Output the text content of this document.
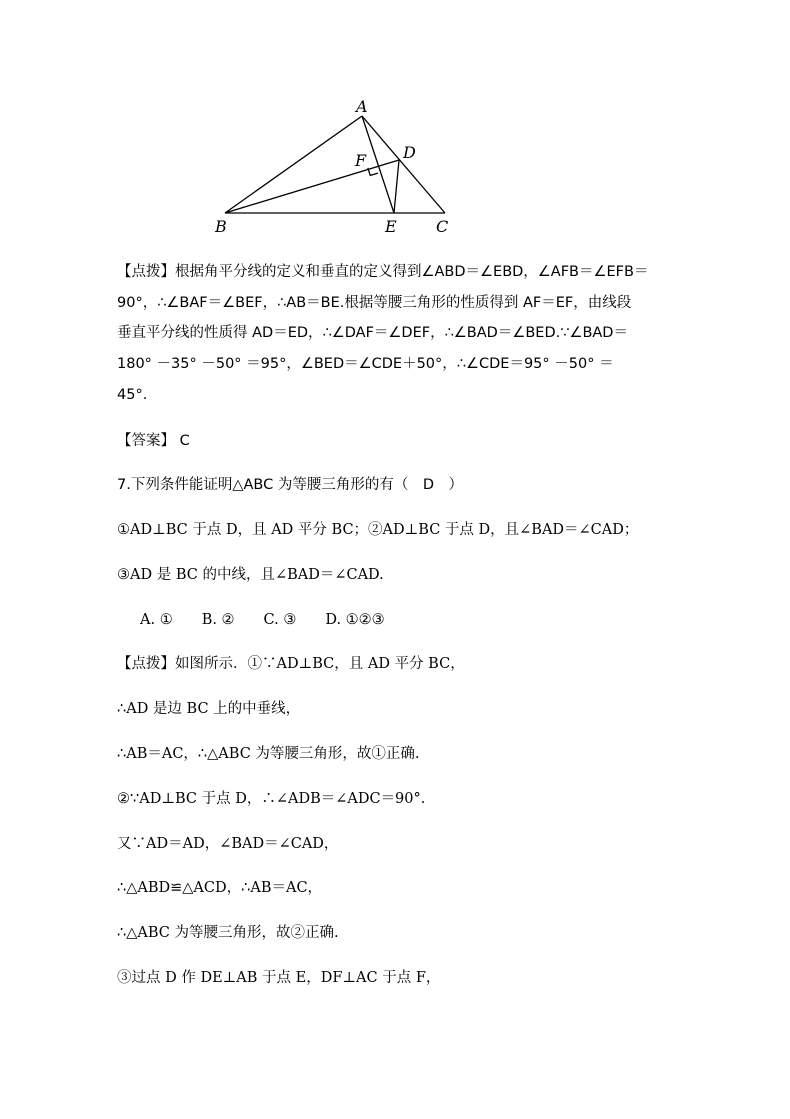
A
F D
B	E C
【点拨】根据角平分线的定义和垂直的定义得到∠ABD＝∠EBD，∠AFB＝∠EFB＝
90°，∴∠BAF＝∠BEF，∴AB＝BE.根据等腰三角形的性质得到 AF＝EF，由线段
垂直平分线的性质得 AD＝ED，∴∠DAF＝∠DEF，∴∠BAD＝∠BED.∵∠BAD＝
180° －35° －50° ＝95°，∠BED＝∠CDE＋50°，∴∠CDE＝95° －50° ＝
45°.
【答案】 C
7.下列条件能证明△ABC 为等腰三角形的有（　D　）
①AD⊥BC 于点 D，且 AD 平分 BC；②AD⊥BC 于点 D，且∠BAD＝∠CAD；
③AD 是 BC 的中线，且∠BAD＝∠CAD.
A. ①　　B. ②　　C. ③　　D. ①②③
【点拨】如图所示．①∵AD⊥BC，且 AD 平分 BC，
∴AD 是边 BC 上的中垂线，
∴AB＝AC，∴△ABC 为等腰三角形，故①正确.
②∵AD⊥BC 于点 D，∴∠ADB＝∠ADC＝90°.
又∵AD＝AD，∠BAD＝∠CAD，
∴△ABD≌△ACD，∴AB＝AC，
∴△ABC 为等腰三角形，故②正确.
③过点 D 作 DE⊥AB 于点 E，DF⊥AC 于点 F，
